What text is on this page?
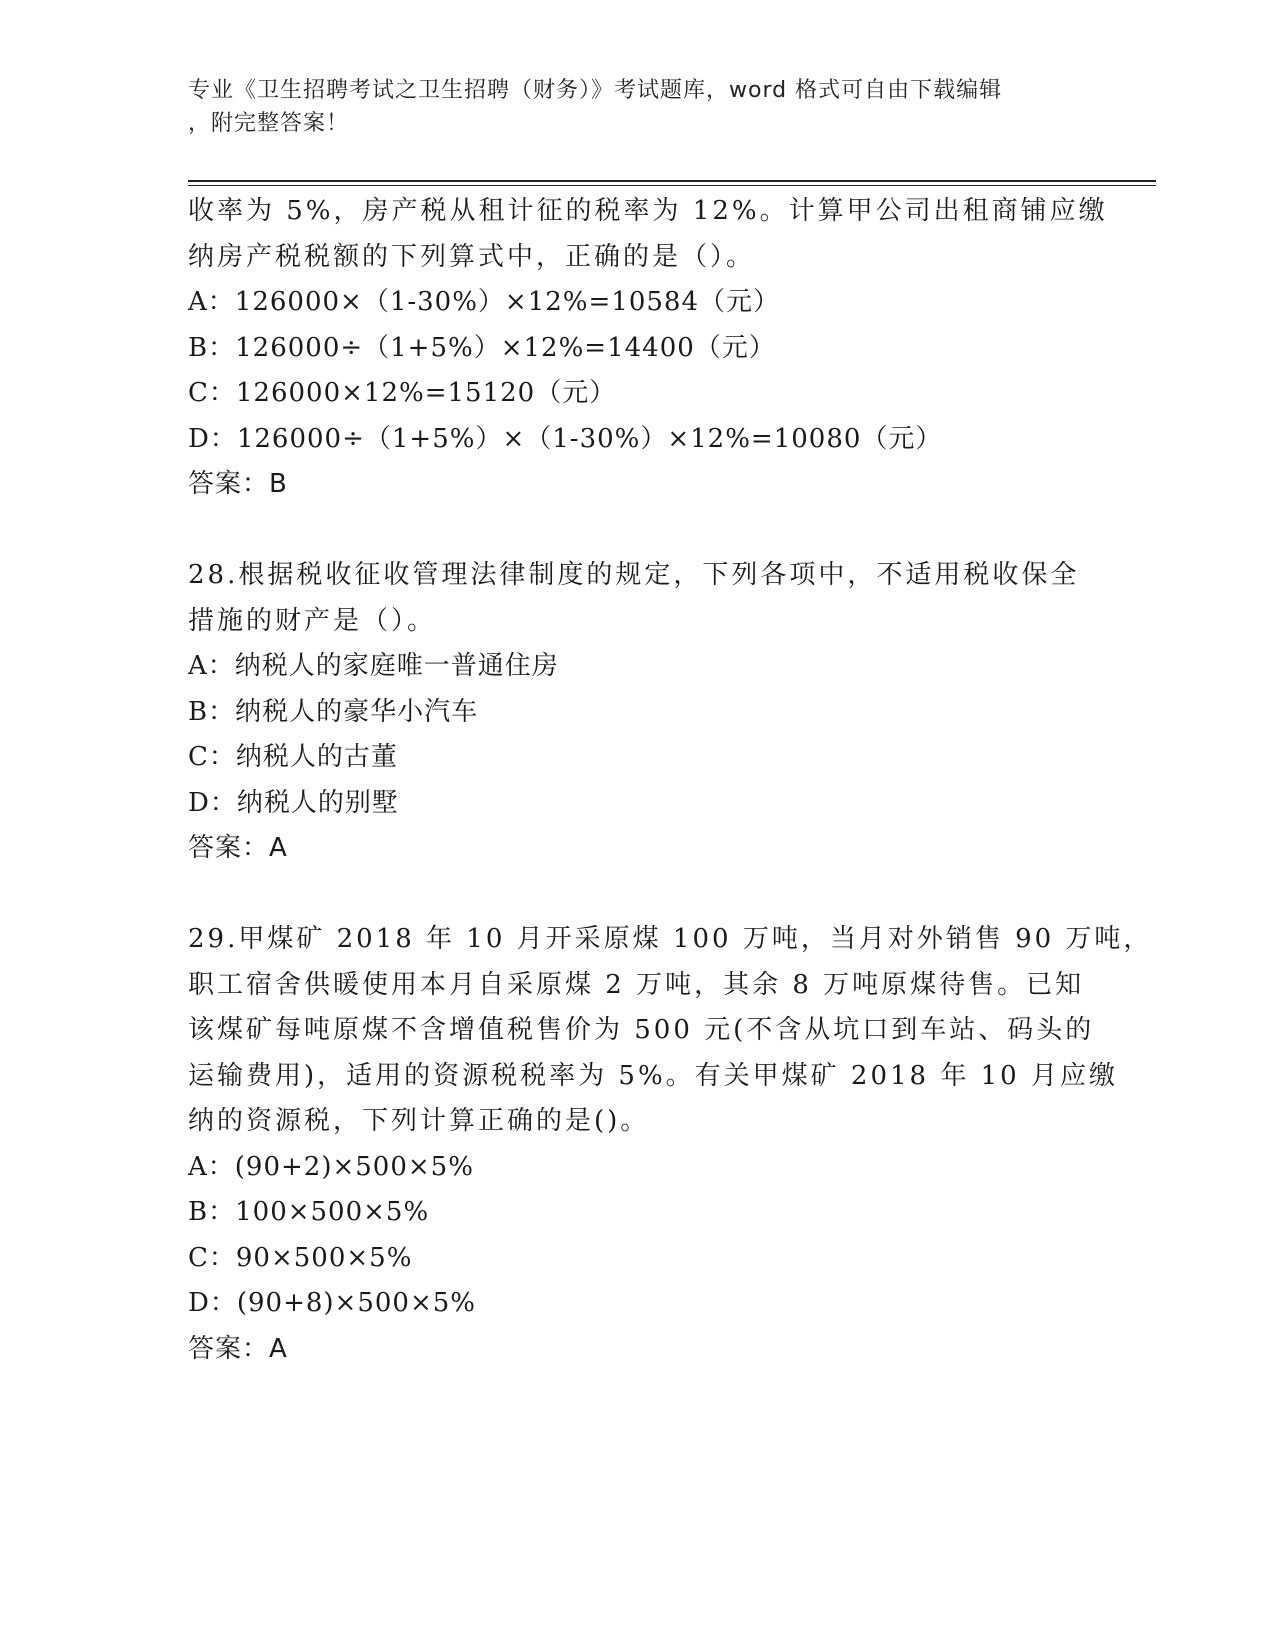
专业《卫生招聘考试之卫生招聘（财务）》考试题库，word 格式可自由下载编辑
，附完整答案！
收率为 5%，房产税从租计征的税率为 12%。计算甲公司出租商铺应缴
纳房产税税额的下列算式中，正确的是（）。
A：126000×（1-30%）×12%=10584（元）
B：126000÷（1+5%）×12%=14400（元）
C：126000×12%=15120（元）
D：126000÷（1+5%）×（1-30%）×12%=10080（元）
答案：B
28.根据税收征收管理法律制度的规定，下列各项中，不适用税收保全
措施的财产是（）。
A：纳税人的家庭唯一普通住房
B：纳税人的豪华小汽车
C：纳税人的古董
D：纳税人的别墅
答案：A
29.甲煤矿 2018 年 10 月开采原煤 100 万吨，当月对外销售 90 万吨，
职工宿舍供暖使用本月自采原煤 2 万吨，其余 8 万吨原煤待售。已知
该煤矿每吨原煤不含增值税售价为 500 元(不含从坑口到车站、码头的
运输费用)，适用的资源税税率为 5%。有关甲煤矿 2018 年 10 月应缴
纳的资源税，下列计算正确的是()。
A：(90+2)×500×5%
B：100×500×5%
C：90×500×5%
D：(90+8)×500×5%
答案：A
